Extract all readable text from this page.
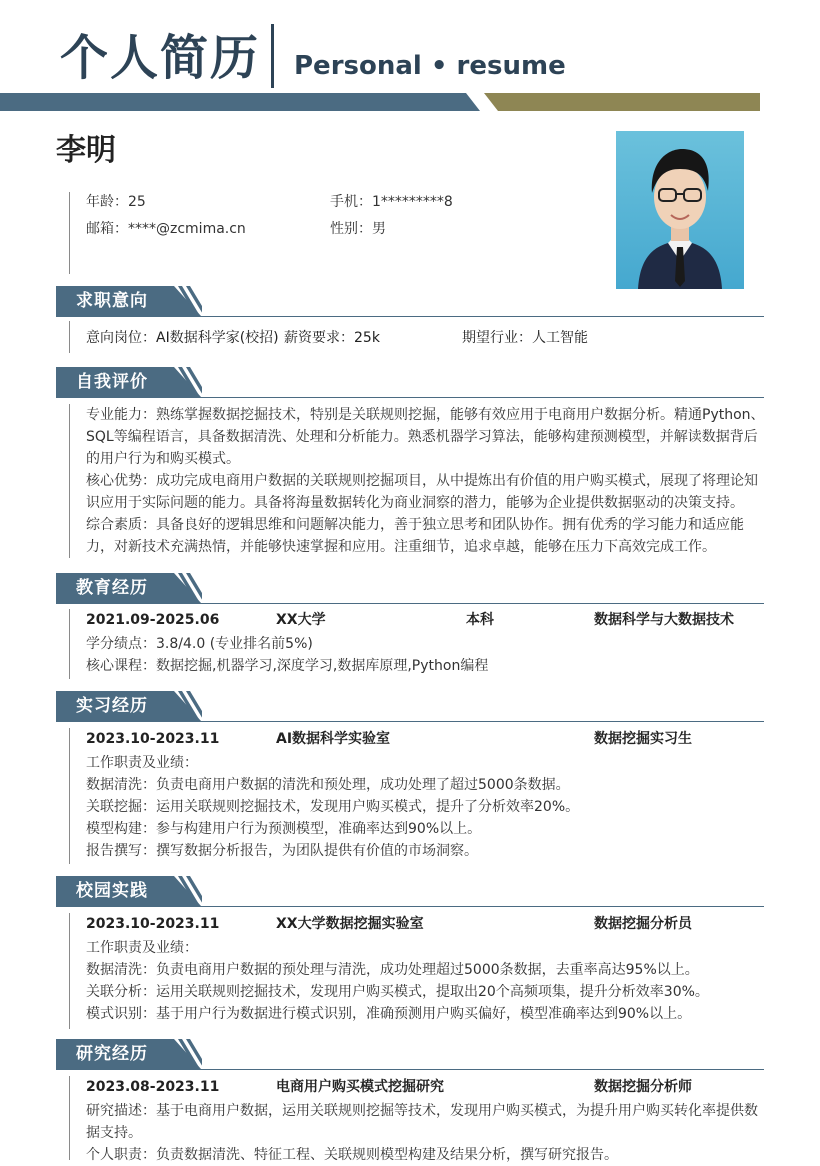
个人简历 Personal • resume
李明
年龄：25	手机：1*********8
邮箱：****@zcmima.cn	性别：男
求职意向
意向岗位：AI数据科学家(校招) 薪资要求：25k	期望行业：人工智能
自我评价

专业能力：熟练掌握数据挖掘技术，特别是关联规则挖掘，能够有效应用于电商用户数据分析。精通Python、SQL等编程语言，具备数据清洗、处理和分析能力。熟悉机器学习算法，能够构建预测模型，并解读数据背后的用户行为和购买模式。

核心优势：成功完成电商用户数据的关联规则挖掘项目，从中提炼出有价值的用户购买模式，展现了将理论知识应用于实际问题的能力。具备将海量数据转化为商业洞察的潜力，能够为企业提供数据驱动的决策支持。

综合素质：具备良好的逻辑思维和问题解决能力，善于独立思考和团队协作。拥有优秀的学习能力和适应能力，对新技术充满热情，并能够快速掌握和应用。注重细节，追求卓越，能够在压力下高效完成工作。

教育经历
2021.09-2025.06	XX大学	本科	数据科学与大数据技术

学分绩点：3.8/4.0 (专业排名前5%)

核心课程：数据挖掘,机器学习,深度学习,数据库原理,Python编程

实习经历
2023.10-2023.11	AI数据科学实验室	数据挖掘实习生

工作职责及业绩：

数据清洗：负责电商用户数据的清洗和预处理，成功处理了超过5000条数据。

关联挖掘：运用关联规则挖掘技术，发现用户购买模式，提升了分析效率20%。

模型构建：参与构建用户行为预测模型，准确率达到90%以上。

报告撰写：撰写数据分析报告，为团队提供有价值的市场洞察。

校园实践
2023.10-2023.11	XX大学数据挖掘实验室	数据挖掘分析员

工作职责及业绩：

数据清洗：负责电商用户数据的预处理与清洗，成功处理超过5000条数据，去重率高达95%以上。

关联分析：运用关联规则挖掘技术，发现用户购买模式，提取出20个高频项集，提升分析效率30%。

模式识别：基于用户行为数据进行模式识别，准确预测用户购买偏好，模型准确率达到90%以上。

研究经历
2023.08-2023.11	电商用户购买模式挖掘研究	数据挖掘分析师

研究描述：基于电商用户数据，运用关联规则挖掘等技术，发现用户购买模式，为提升用户购买转化率提供数据支持。

个人职责：负责数据清洗、特征工程、关联规则模型构建及结果分析，撰写研究报告。
